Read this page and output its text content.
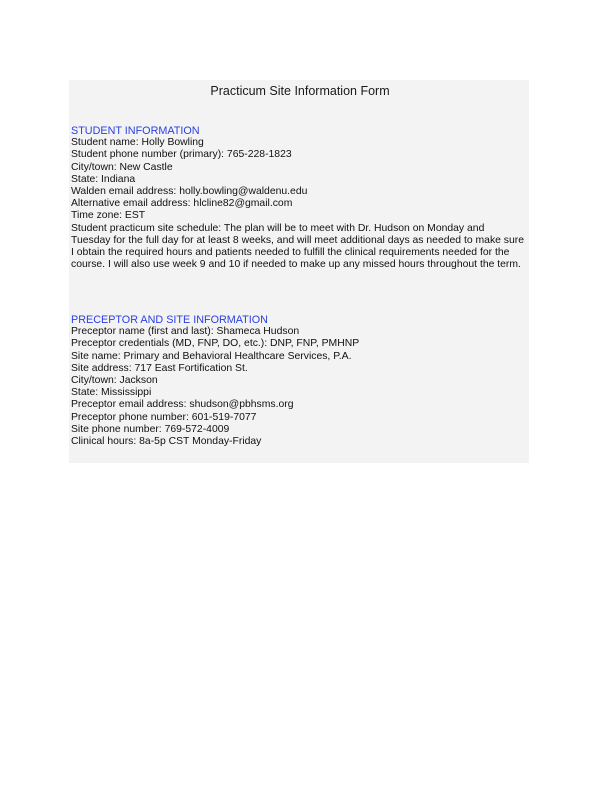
Practicum Site Information Form
STUDENT INFORMATION
Student name: Holly Bowling
Student phone number (primary): 765-228-1823
City/town: New Castle
State: Indiana
Walden email address: holly.bowling@waldenu.edu
Alternative email address: hlcline82@gmail.com
Time zone: EST
Student practicum site schedule: The plan will be to meet with Dr. Hudson on Monday and Tuesday for the full day for at least 8 weeks, and will meet additional days as needed to make sure I obtain the required hours and patients needed to fulfill the clinical requirements needed for the course. I will also use week 9 and 10 if needed to make up any missed hours throughout the term.
PRECEPTOR AND SITE INFORMATION
Preceptor name (first and last): Shameca Hudson
Preceptor credentials (MD, FNP, DO, etc.): DNP, FNP, PMHNP
Site name: Primary and Behavioral Healthcare Services, P.A.
Site address: 717 East Fortification St.
City/town: Jackson
State: Mississippi
Preceptor email address: shudson@pbhsms.org
Preceptor phone number: 601-519-7077
Site phone number: 769-572-4009
Clinical hours: 8a-5p CST Monday-Friday
